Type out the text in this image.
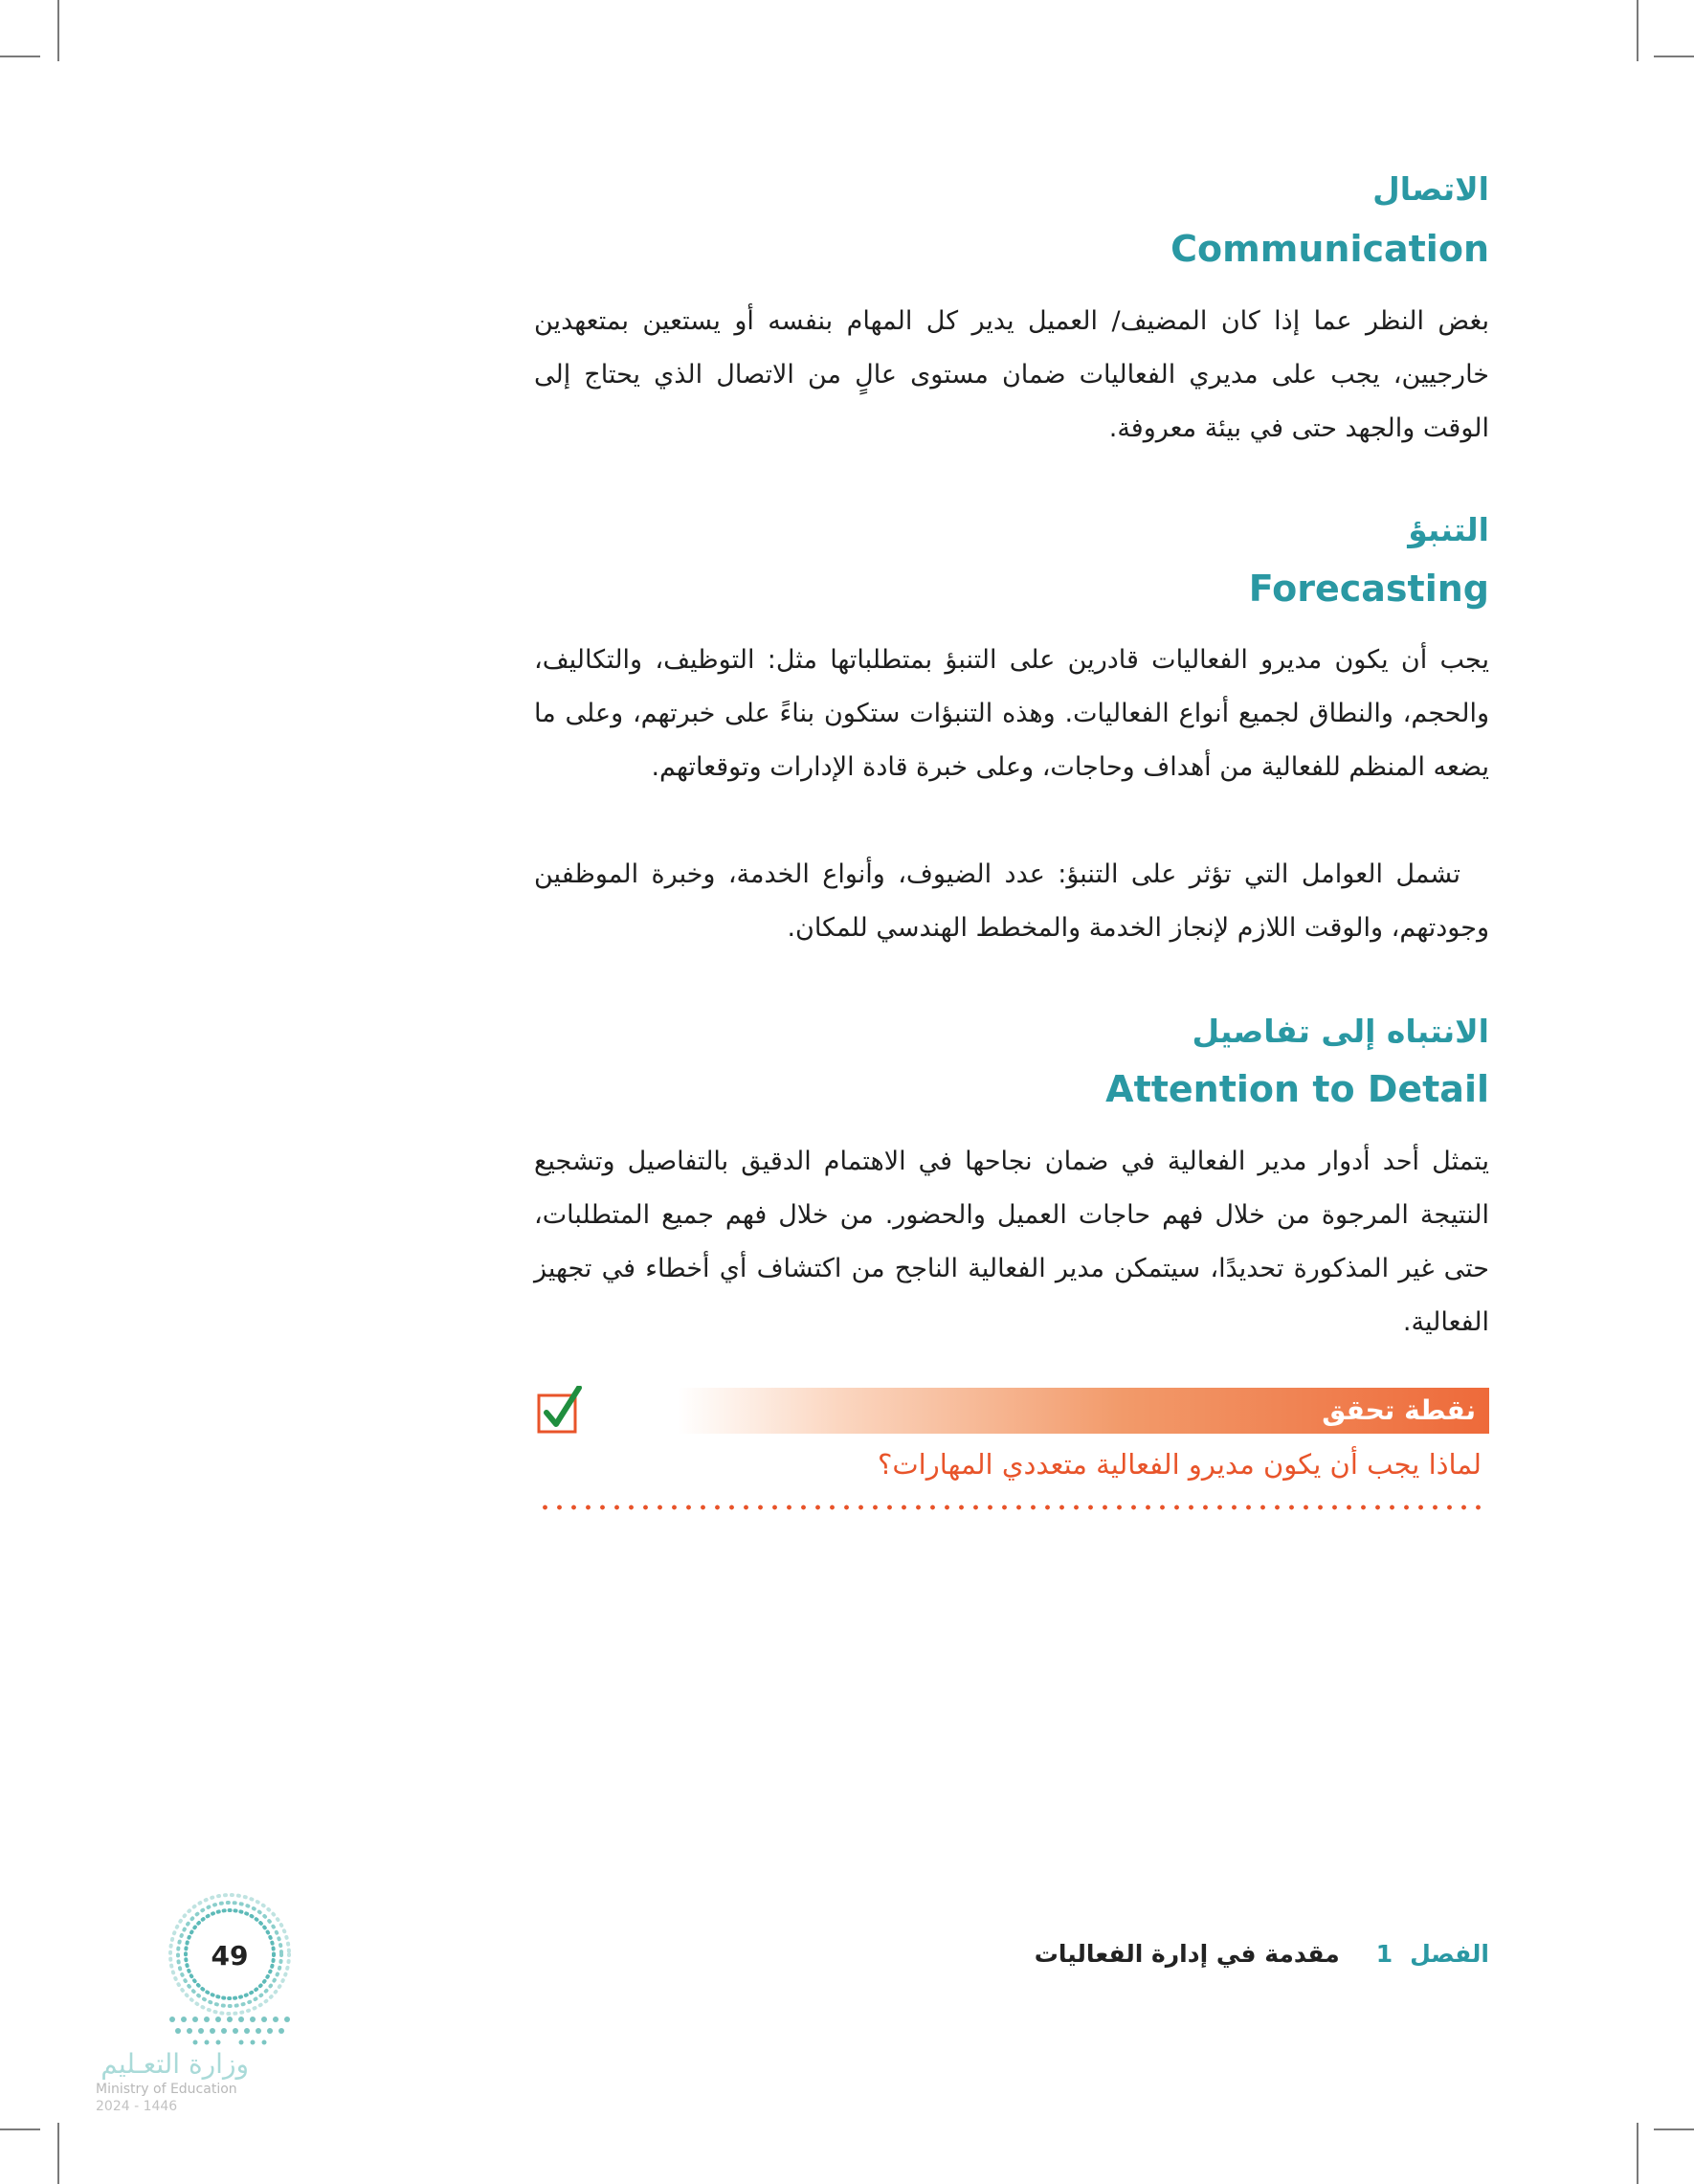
الاتصال
Communication

بغض النظر عما إذا كان المضيف/ العميل يدير كل المهام بنفسه أو يستعين بمتعهدين خارجيين، يجب على مديري الفعاليات ضمان مستوى عالٍ من الاتصال الذي يحتاج إلى الوقت والجهد حتى في بيئة معروفة.

التنبؤ
Forecasting

يجب أن يكون مديرو الفعاليات قادرين على التنبؤ بمتطلباتها مثل: التوظيف، والتكاليف، والحجم، والنطاق لجميع أنواع الفعاليات. وهذه التنبؤات ستكون بناءً على خبرتهم، وعلى ما يضعه المنظم للفعالية من أهداف وحاجات، وعلى خبرة قادة الإدارات وتوقعاتهم.

تشمل العوامل التي تؤثر على التنبؤ: عدد الضيوف، وأنواع الخدمة، وخبرة الموظفين وجودتهم، والوقت اللازم لإنجاز الخدمة والمخطط الهندسي للمكان.

الانتباه إلى تفاصيل
Attention to Detail

يتمثل أحد أدوار مدير الفعالية في ضمان نجاحها في الاهتمام الدقيق بالتفاصيل وتشجيع النتيجة المرجوة من خلال فهم حاجات العميل والحضور. من خلال فهم جميع المتطلبات، حتى غير المذكورة تحديدًا، سيتمكن مدير الفعالية الناجح من اكتشاف أي أخطاء في تجهيز الفعالية.

نقطة تحقق
لماذا يجب أن يكون مديرو الفعالية متعددي المهارات؟
الفصل 1 مقدمة في إدارة الفعاليات
49
وزارة التعـليم
Ministry of Education
2024 - 1446
